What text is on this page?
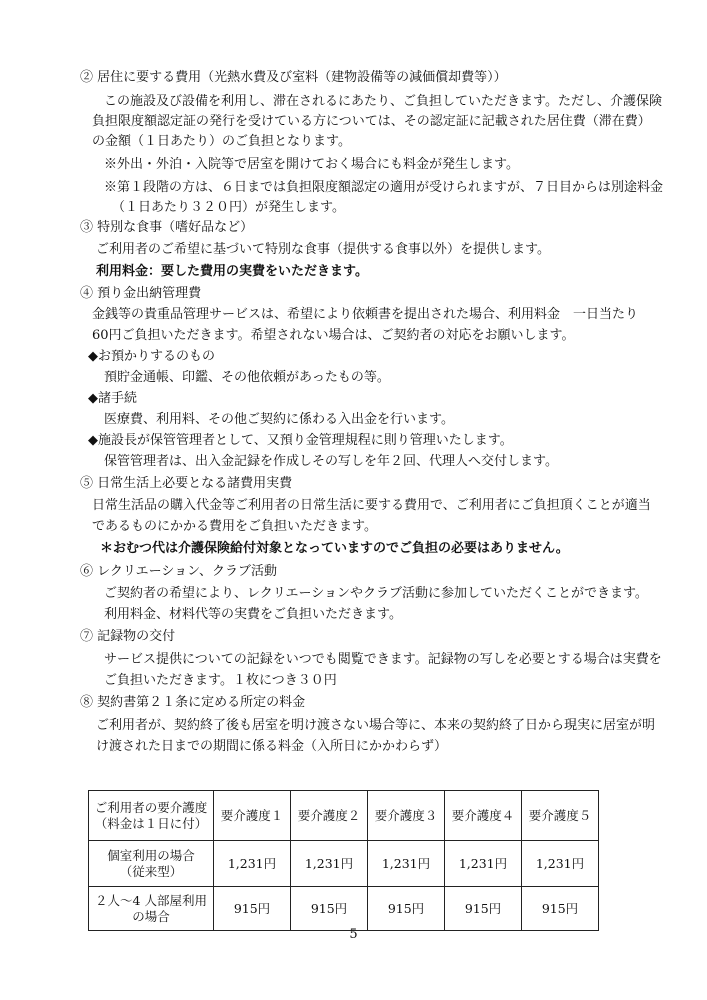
② 居住に要する費用（光熱水費及び室料（建物設備等の減価償却費等））
この施設及び設備を利用し、滞在されるにあたり、ご負担していただきます。ただし、介護保険
負担限度額認定証の発行を受けている方については、その認定証に記載された居住費（滞在費）
の金額（１日あたり）のご負担となります。
※外出・外泊・入院等で居室を開けておく場合にも料金が発生します。
※第１段階の方は、６日までは負担限度額認定の適用が受けられますが、７日目からは別途料金
（１日あたり３２０円）が発生します。
③ 特別な食事（嗜好品など）
ご利用者のご希望に基づいて特別な食事（提供する食事以外）を提供します。
利用料金：要した費用の実費をいただきます。
④ 預り金出納管理費
金銭等の貴重品管理サービスは、希望により依頼書を提出された場合、利用料金　一日当たり
60円ご負担いただきます。希望されない場合は、ご契約者の対応をお願いします。
◆お預かりするのもの
預貯金通帳、印鑑、その他依頼があったもの等。
◆諸手続
医療費、利用料、その他ご契約に係わる入出金を行います。
◆施設長が保管管理者として、又預り金管理規程に則り管理いたします。
保管管理者は、出入金記録を作成しその写しを年２回、代理人へ交付します。
⑤ 日常生活上必要となる諸費用実費
日常生活品の購入代金等ご利用者の日常生活に要する費用で、ご利用者にご負担頂くことが適当
であるものにかかる費用をご負担いただきます。
＊おむつ代は介護保険給付対象となっていますのでご負担の必要はありません。
⑥ レクリエーション、クラブ活動
ご契約者の希望により、レクリエーションやクラブ活動に参加していただくことができます。
利用料金、材料代等の実費をご負担いただきます。
⑦ 記録物の交付
サービス提供についての記録をいつでも閲覧できます。記録物の写しを必要とする場合は実費を
ご負担いただきます。１枚につき３０円
⑧ 契約書第２１条に定める所定の料金
ご利用者が、契約終了後も居室を明け渡さない場合等に、本来の契約終了日から現実に居室が明
け渡された日までの期間に係る料金（入所日にかかわらず）
ご利用者の要介護度
（料金は１日に付）	要介護度１	要介護度２	要介護度３	要介護度４	要介護度５

個室利用の場合
（従来型）	1,231円	1,231円	1,231円	1,231円	1,231円

２人～4 人部屋利用
の場合	915円	915円	915円	915円	915円
5
